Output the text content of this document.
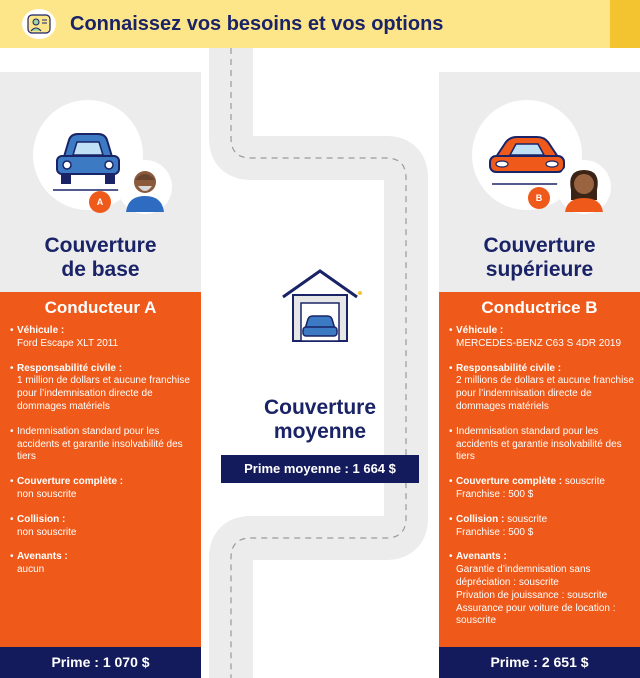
Connaissez vos besoins et vos options
A
Couverture
de base
Conducteur A
• Véhicule :
Ford Escape XLT 2011
• Responsabilité civile :
1 million de dollars et aucune franchise pour l’indemnisation directe de dommages matériels
• Indemnisation standard pour les accidents et garantie insolvabilité des tiers
• Couverture complète :
non souscrite
• Collision :
non souscrite
• Avenants :
aucun
Prime : 1 070 $
Couverture
moyenne
Prime moyenne : 1 664 $
B
Couverture
supérieure
Conductrice B
• Véhicule :
MERCEDES-BENZ C63 S 4DR 2019
• Responsabilité civile :
2 millions de dollars et aucune franchise pour l’indemnisation directe de dommages matériels
• Indemnisation standard pour les accidents et garantie insolvabilité des tiers
• Couverture complète : souscrite
Franchise : 500 $
• Collision : souscrite
Franchise : 500 $
• Avenants :
Garantie d’indemnisation sans dépréciation : souscrite
Privation de jouissance : souscrite
Assurance pour voiture de location : souscrite
Prime : 2 651 $
